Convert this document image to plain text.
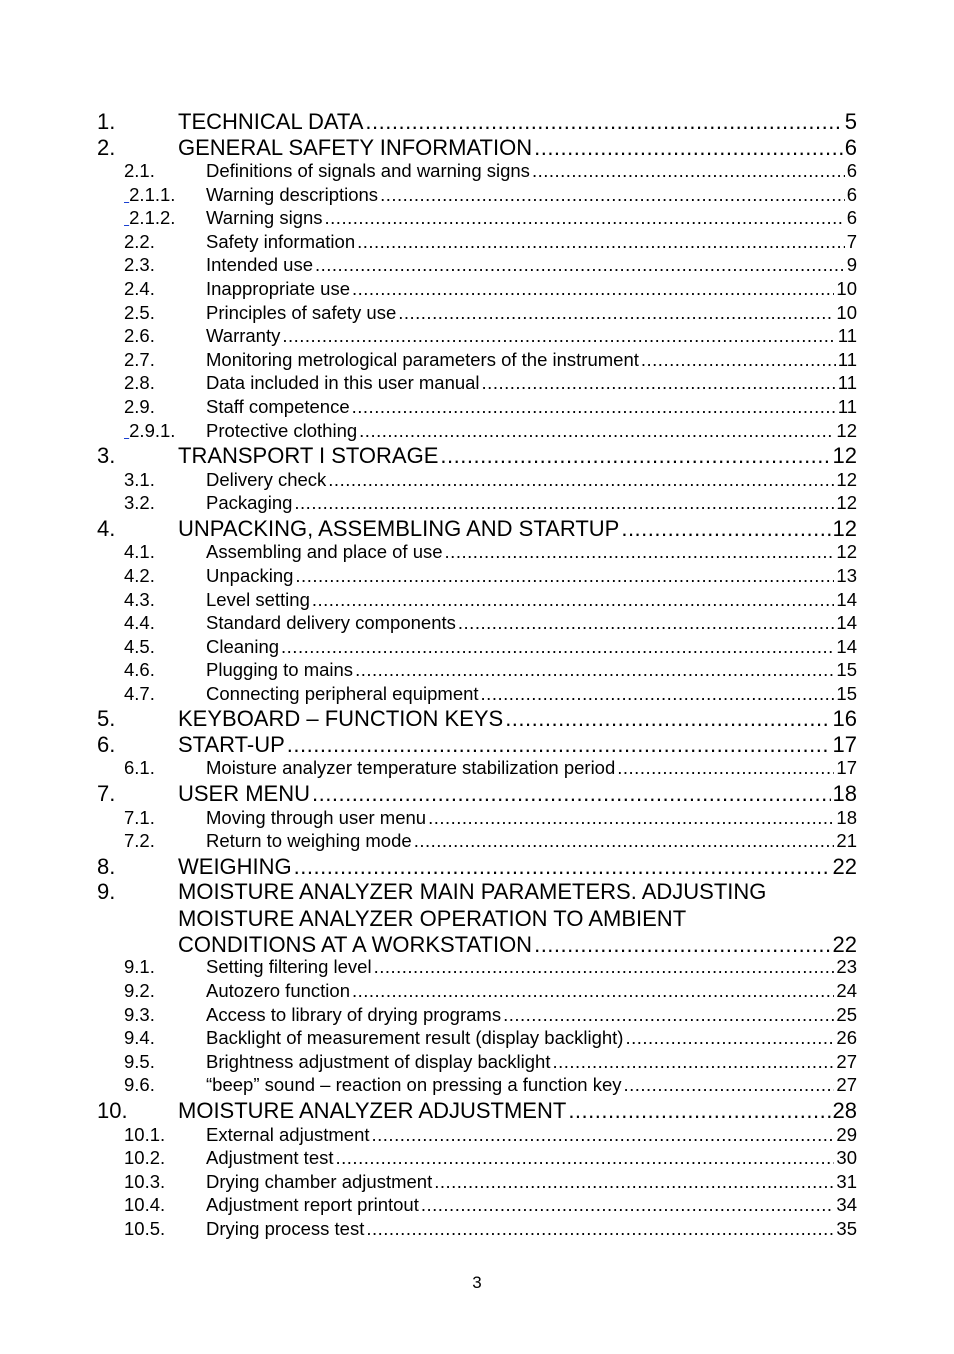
1.	TECHNICAL DATA .....	5
2.	GENERAL SAFETY INFORMATION .....	6
2.1.	Definitions of signals and warning signs .....	6
2.1.1. Warning descriptions .....	6
2.1.2. Warning signs .....	6
2.2.	Safety information .....	7
2.3.	Intended use .....	9
2.4.	Inappropriate use .....	10
2.5.	Principles of safety use .....	10
2.6.	Warranty .....	11
2.7.	Monitoring metrological parameters of the instrument .....	11
2.8.	Data included in this user manual .....	11
2.9.	Staff competence .....	11
2.9.1. Protective clothing .....	12
3.	TRANSPORT I STORAGE .....	12
3.1.	Delivery check .....	12
3.2.	Packaging .....	12
4.	UNPACKING, ASSEMBLING AND STARTUP .....	12
4.1.	Assembling and place of use .....	12
4.2.	Unpacking .....	13
4.3.	Level setting .....	14
4.4.	Standard delivery components .....	14
4.5.	Cleaning .....	14
4.6.	Plugging to mains .....	15
4.7.	Connecting peripheral equipment .....	15
5.	KEYBOARD – FUNCTION KEYS .....	16
6.	START-UP .....	17
6.1.	Moisture analyzer temperature stabilization period .....	17
7.	USER MENU .....	18
7.1.	Moving through user menu .....	18
7.2.	Return to weighing mode .....	21
8.	WEIGHING .....	22
9.	MOISTURE ANALYZER MAIN PARAMETERS. ADJUSTING
MOISTURE ANALYZER OPERATION TO AMBIENT
CONDITIONS AT A WORKSTATION .....	22
9.1.	Setting filtering level .....	23
9.2.	Autozero function .....	24
9.3.	Access to library of drying programs .....	25
9.4.	Backlight of measurement result (display backlight) .....	26
9.5.	Brightness adjustment of display backlight .....	27
9.6.	“beep” sound – reaction on pressing a function key .....	27
10. MOISTURE ANALYZER ADJUSTMENT .....	28
10.1. External adjustment .....	29
10.2. Adjustment test .....	30
10.3. Drying chamber adjustment .....	31
10.4. Adjustment report printout .....	34
10.5. Drying process test .....	35
3
